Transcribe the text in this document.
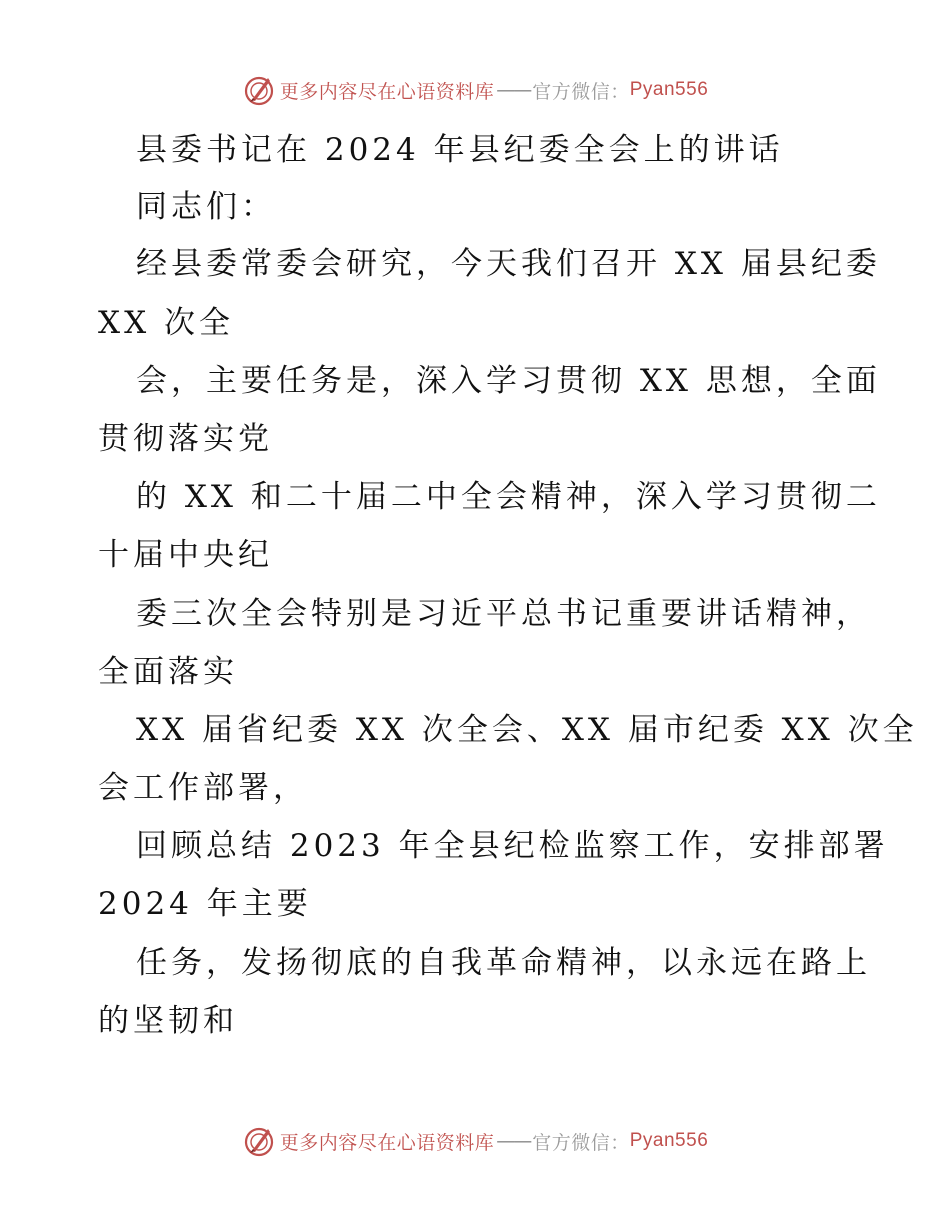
更多内容尽在心语资料库 —— 官方微信： Pyan556
县委书记在 2024 年县纪委全会上的讲话
同志们：
经县委常委会研究，今天我们召开 XX 届县纪委
XX 次全
会，主要任务是，深入学习贯彻 XX 思想，全面
贯彻落实党
的 XX 和二十届二中全会精神，深入学习贯彻二
十届中央纪
委三次全会特别是习近平总书记重要讲话精神，
全面落实
XX 届省纪委 XX 次全会、XX 届市纪委 XX 次全
会工作部署，
回顾总结 2023 年全县纪检监察工作，安排部署
2024 年主要
任务，发扬彻底的自我革命精神，以永远在路上
的坚韧和
更多内容尽在心语资料库 —— 官方微信： Pyan556
